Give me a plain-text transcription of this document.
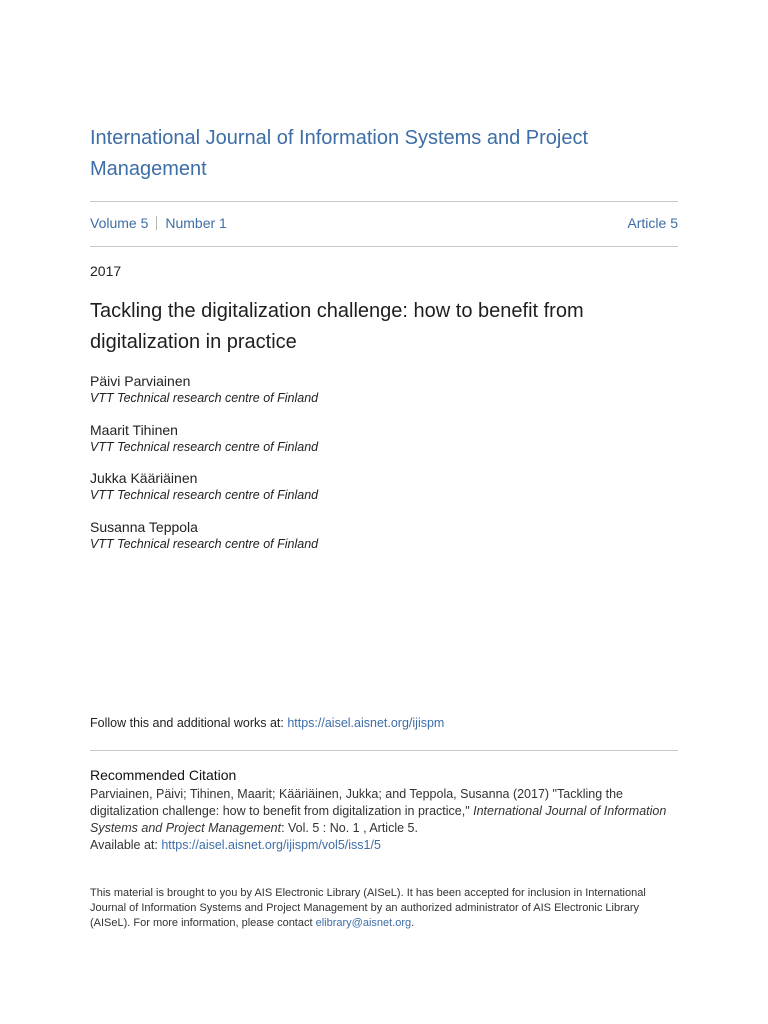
International Journal of Information Systems and Project Management
Volume 5 Number 1	Article 5
2017
Tackling the digitalization challenge: how to benefit from digitalization in practice
Päivi Parviainen
VTT Technical research centre of Finland
Maarit Tihinen
VTT Technical research centre of Finland
Jukka Kääriäinen
VTT Technical research centre of Finland
Susanna Teppola
VTT Technical research centre of Finland
Follow this and additional works at: https://aisel.aisnet.org/ijispm
Recommended Citation
Parviainen, Päivi; Tihinen, Maarit; Kääriäinen, Jukka; and Teppola, Susanna (2017) "Tackling the digitalization challenge: how to benefit from digitalization in practice," International Journal of Information Systems and Project Management: Vol. 5 : No. 1 , Article 5.
Available at: https://aisel.aisnet.org/ijispm/vol5/iss1/5
This material is brought to you by AIS Electronic Library (AISeL). It has been accepted for inclusion in International Journal of Information Systems and Project Management by an authorized administrator of AIS Electronic Library (AISeL). For more information, please contact elibrary@aisnet.org.
